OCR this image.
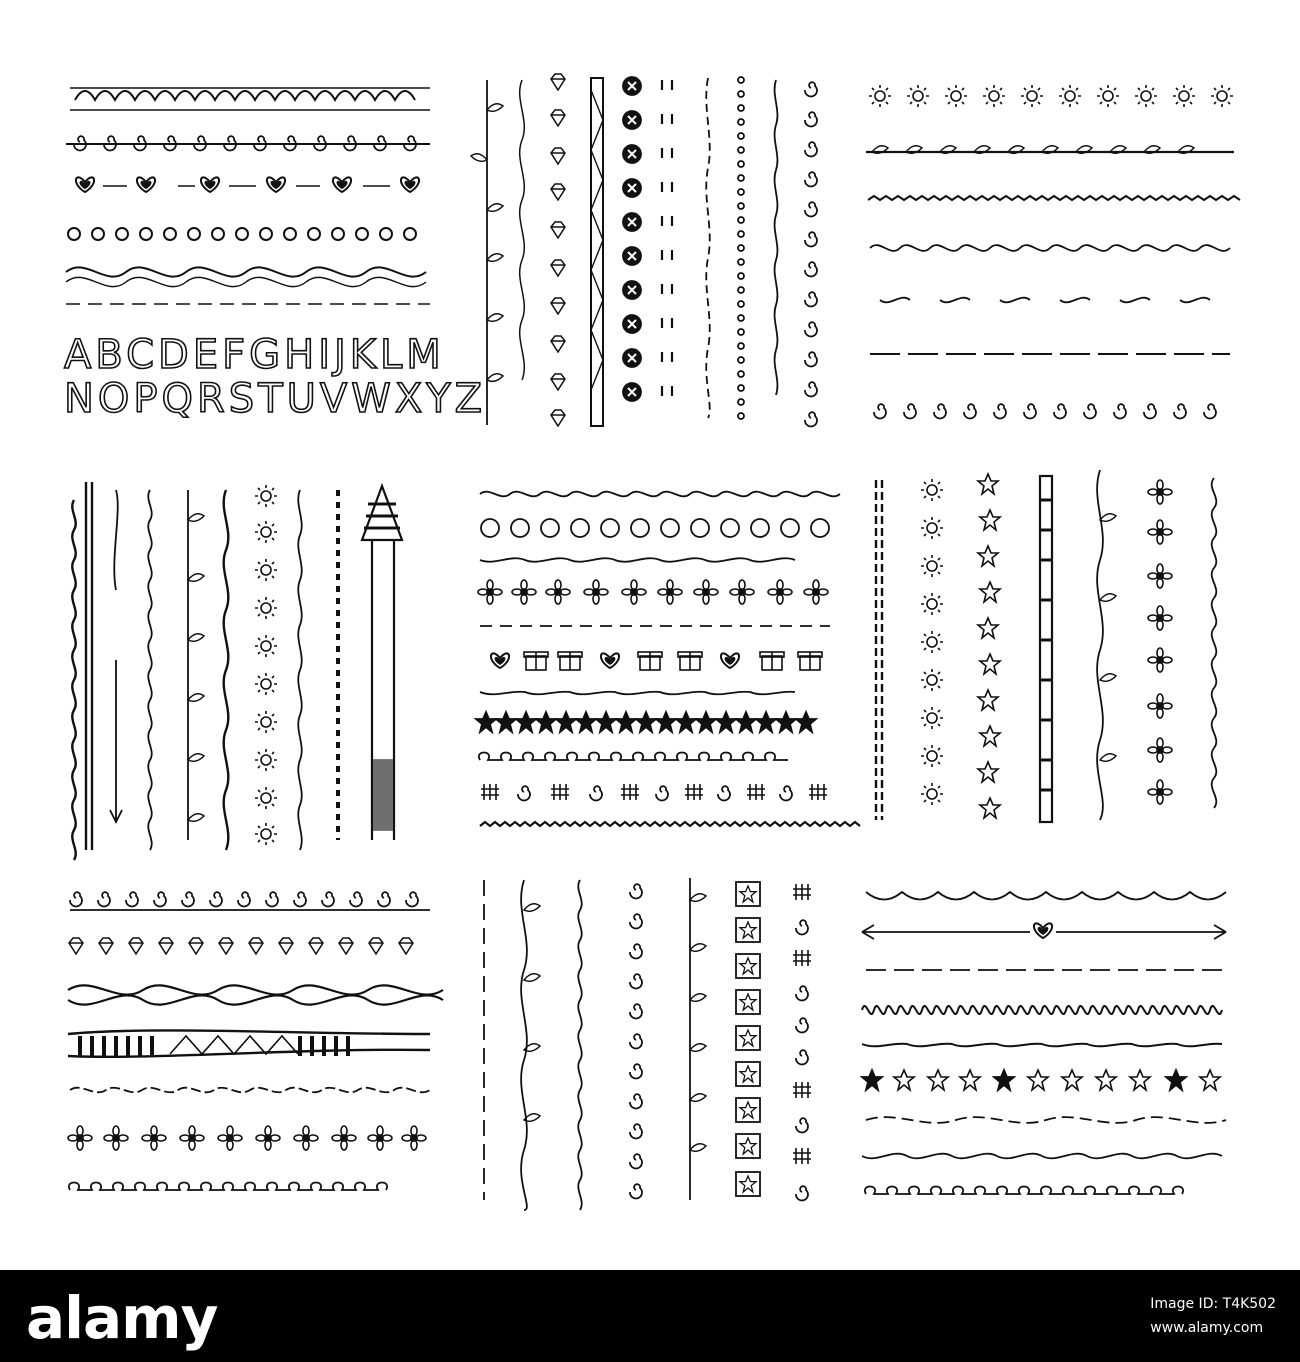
ABCDEFGHIJKLM
NOPQRSTUVWXYZ
alamy	Image ID: T4K502
www.alamy.com
